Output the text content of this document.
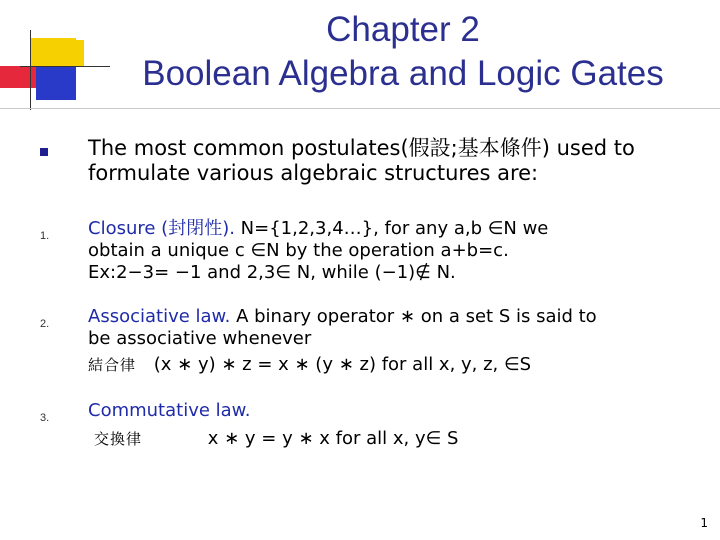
Chapter 2
Boolean Algebra and Logic Gates
The most common postulates(假設;基本條件) used to formulate various algebraic structures are:
1. Closure (封閉性). N={1,2,3,4…}, for any a,b ∈N we
obtain a unique c ∈N by the operation a+b=c.
Ex:2−3= −1 and 2,3∈ N, while (−1)∉ N.
2. Associative law. A binary operator ∗ on a set S is said to
be associative whenever
結合律 (x ∗ y) ∗ z = x ∗ (y ∗ z) for all x, y, z, ∈S
3. Commutative law.
交換律	x ∗ y = y ∗ x for all x, y∈ S
1
